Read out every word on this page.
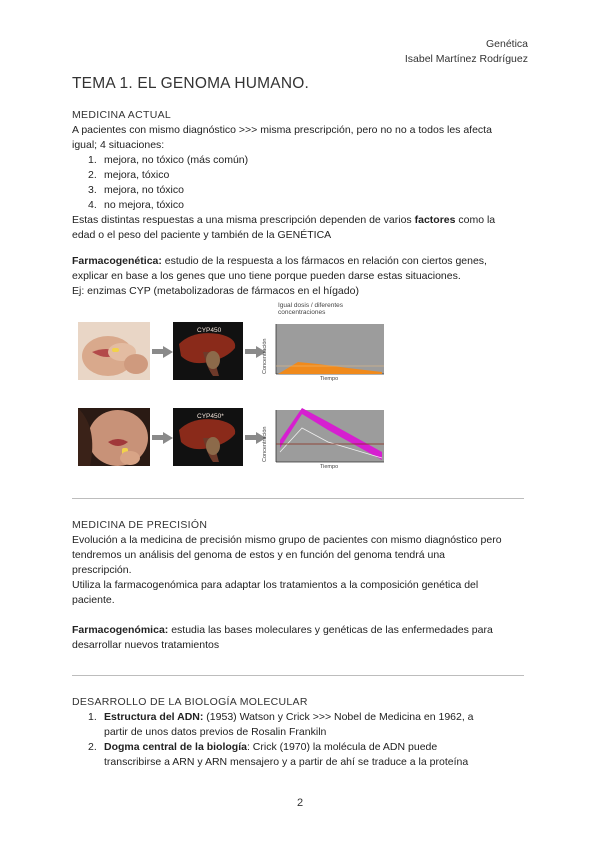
Genética
Isabel Martínez Rodríguez
TEMA 1. EL GENOMA HUMANO.
MEDICINA ACTUAL
A pacientes con mismo diagnóstico >>> misma prescripción, pero no no a todos les afecta
igual; 4 situaciones:
1. mejora, no tóxico (más común)
2. mejora, tóxico
3. mejora, no tóxico
4. no mejora, tóxico
Estas distintas respuestas a una misma prescripción dependen de varios factores como la
edad o el peso del paciente y también de la GENÉTICA
Farmacogenética: estudio de la respuesta a los fármacos en relación con ciertos genes,
explicar en base a los genes que uno tiene porque pueden darse estas situaciones.
Ej: enzimas CYP (metabolizadoras de fármacos en el hígado)
Igual dosis / diferentes concentraciones
CYP450
Concentración
Tiempo
CYP450*
Concentración
Tiempo
MEDICINA DE PRECISIÓN
Evolución a la medicina de precisión mismo grupo de pacientes con mismo diagnóstico pero
tendremos un análisis del genoma de estos y en función del genoma tendrá una
prescripción.
Utiliza la farmacogenómica para adaptar los tratamientos a la composición genética del
paciente.
Farmacogenómica: estudia las bases moleculares y genéticas de las enfermedades para
desarrollar nuevos tratamientos
DESARROLLO DE LA BIOLOGÍA MOLECULAR
1. Estructura del ADN: (1953) Watson y Crick >>> Nobel de Medicina en 1962, a
partir de unos datos previos de Rosalin Frankiln
2. Dogma central de la biología: Crick (1970) la molécula de ADN puede
transcribirse a ARN y ARN mensajero y a partir de ahí se traduce a la proteína
2
